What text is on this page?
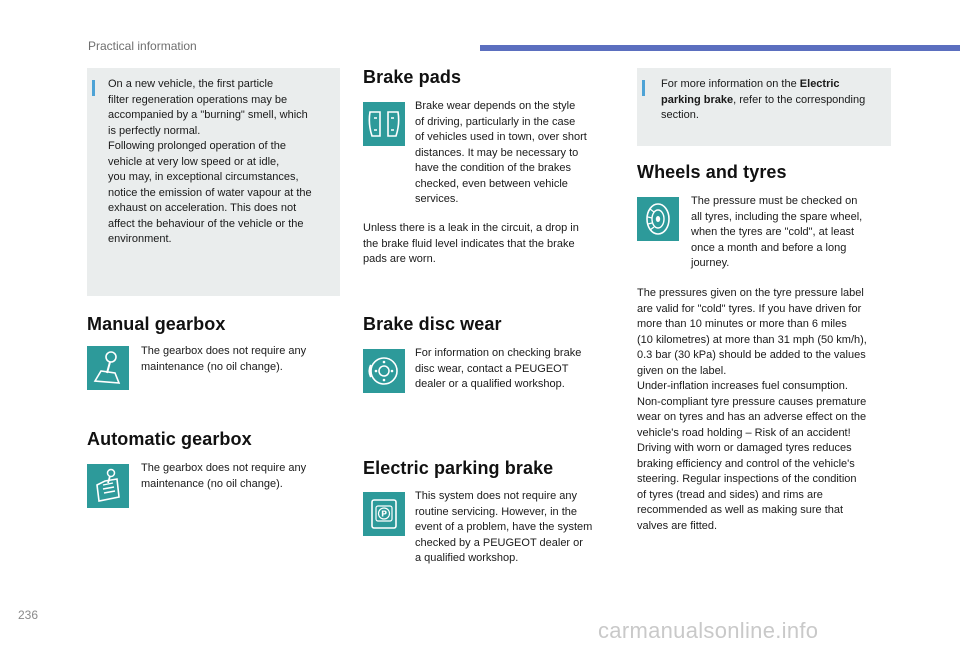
Practical information
On a new vehicle, the first particle
filter regeneration operations may be
accompanied by a "burning" smell, which
is perfectly normal.
Following prolonged operation of the
vehicle at very low speed or at idle,
you may, in exceptional circumstances,
notice the emission of water vapour at the
exhaust on acceleration. This does not
affect the behaviour of the vehicle or the
environment.
Manual gearbox
The gearbox does not require any
maintenance (no oil change).
Automatic gearbox
The gearbox does not require any
maintenance (no oil change).
Brake pads
Brake wear depends on the style
of driving, particularly in the case
of vehicles used in town, over short
distances. It may be necessary to
have the condition of the brakes
checked, even between vehicle
services.
Unless there is a leak in the circuit, a drop in
the brake fluid level indicates that the brake
pads are worn.
Brake disc wear
For information on checking brake
disc wear, contact a PEUGEOT
dealer or a qualified workshop.
Electric parking brake
P
This system does not require any
routine servicing. However, in the
event of a problem, have the system
checked by a PEUGEOT dealer or
a qualified workshop.
For more information on the Electric
parking brake, refer to the corresponding
section.
Wheels and tyres
The pressure must be checked on
all tyres, including the spare wheel,
when the tyres are "cold", at least
once a month and before a long
journey.
The pressures given on the tyre pressure label
are valid for "cold" tyres. If you have driven for
more than 10 minutes or more than 6 miles
(10 kilometres) at more than 31 mph (50 km/h),
0.3 bar (30 kPa) should be added to the values
given on the label.
Under-inflation increases fuel consumption.
Non-compliant tyre pressure causes premature
wear on tyres and has an adverse effect on the
vehicle's road holding – Risk of an accident!
Driving with worn or damaged tyres reduces
braking efficiency and control of the vehicle's
steering. Regular inspections of the condition
of tyres (tread and sides) and rims are
recommended as well as making sure that
valves are fitted.
236
carmanualsonline.info
